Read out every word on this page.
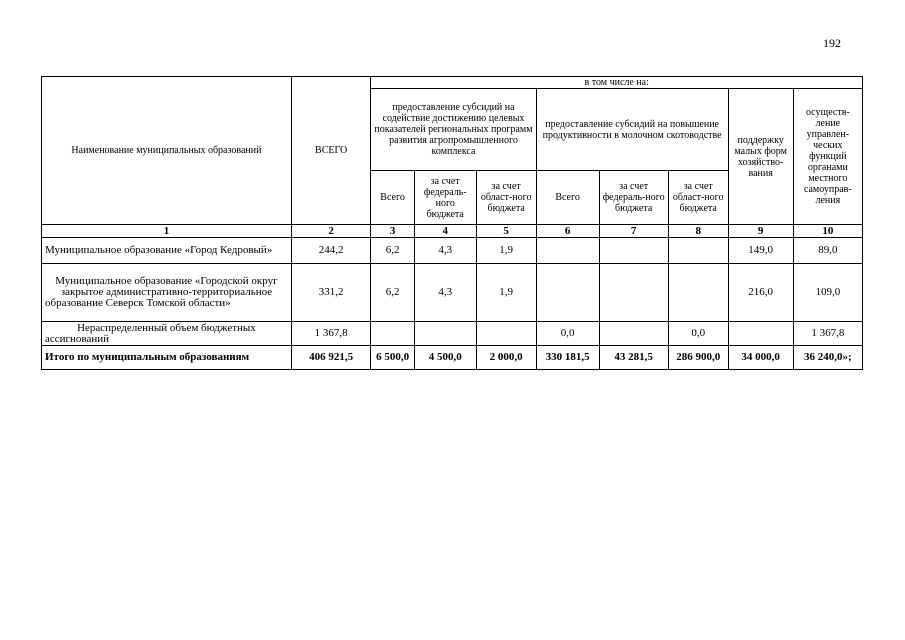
192
Наименование муниципальных образований	ВСЕГО	в том числе на:							
		предоставление субсидий на содействие достижению целевых показателей региональных программ развития агропромышленного комплекса			предоставление субсидий на повышение продуктивности в молочном скотоводстве			поддержку малых форм хозяйство-вания	осуществ-ление управлен-ческих функций органами местного самоуправ-ления
		Всего	за счет федераль-ного бюджета	за счет област-ного бюджета	Всего	за счет федераль-ного бюджета	за счет област-ного бюджета		
1	2	3	4	5	6	7	8	9	10
Муниципальное образование «Город Кедровый»	244,2	6,2	4,3	1,9				149,0	89,0
Муниципальное образование «Городской округ закрытое административно-территориальное образование Северск Томской области»	331,2	6,2	4,3	1,9				216,0	109,0
Нераспределенный объем бюджетных ассигнований	1 367,8				0,0		0,0		1 367,8
Итого по муниципальным образованиям	406 921,5	6 500,0	4 500,0	2 000,0	330 181,5	43 281,5	286 900,0	34 000,0	36 240,0»;
